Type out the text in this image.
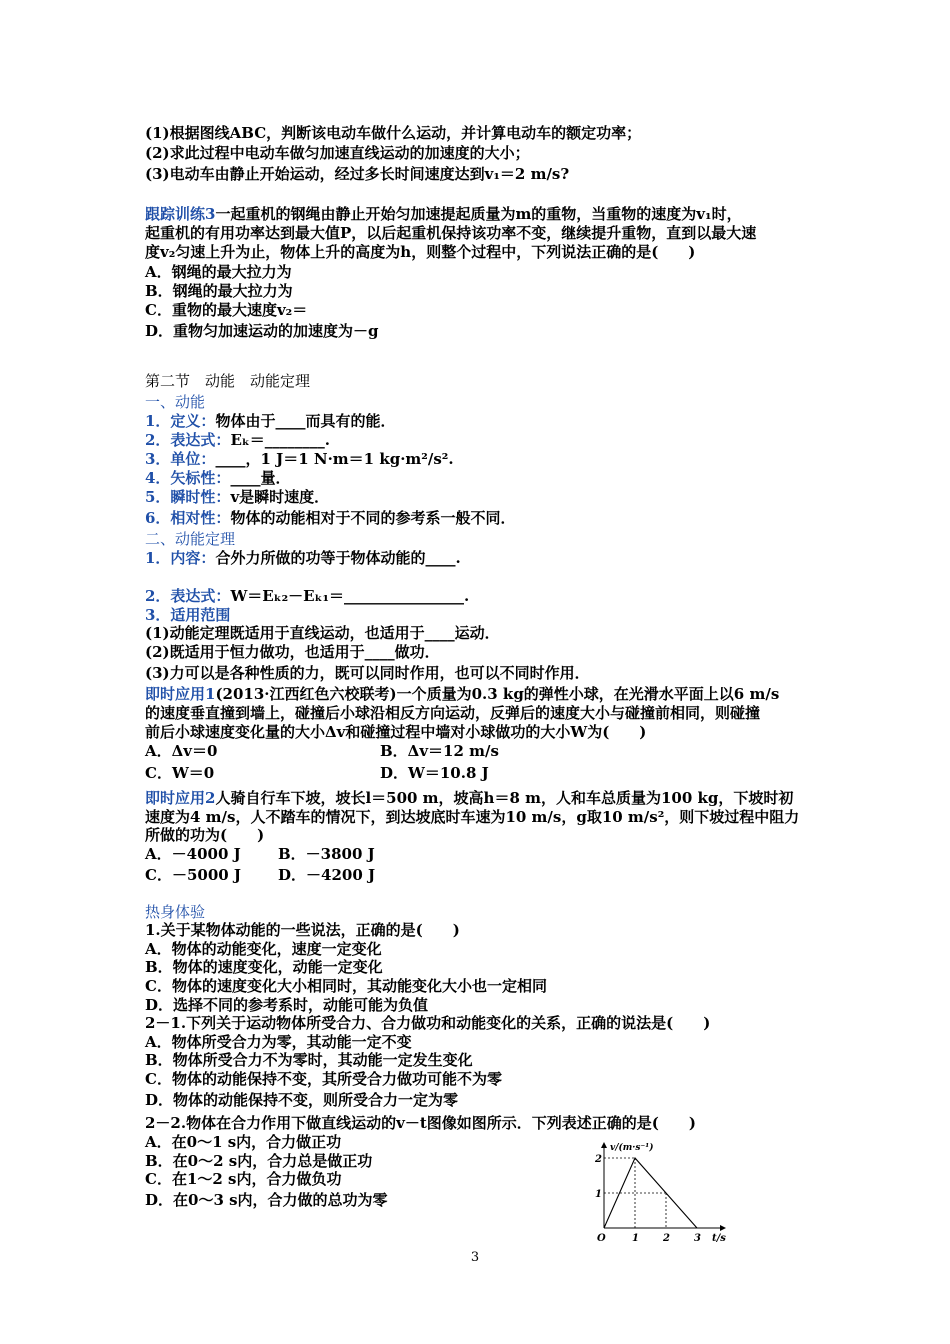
(1)根据图线ABC，判断该电动车做什么运动，并计算电动车的额定功率；
(2)求此过程中电动车做匀加速直线运动的加速度的大小；
(3)电动车由静止开始运动，经过多长时间速度达到v₁＝2 m/s?
跟踪训练3一起重机的钢绳由静止开始匀加速提起质量为m的重物，当重物的速度为v₁时，
起重机的有用功率达到最大值P，以后起重机保持该功率不变，继续提升重物，直到以最大速
度v₂匀速上升为止，物体上升的高度为h，则整个过程中，下列说法正确的是(　　)
A．钢绳的最大拉力为
B．钢绳的最大拉力为
C．重物的最大速度v₂＝
D．重物匀加速运动的加速度为－g
第二节　动能　动能定理
一、动能
1．定义：物体由于____而具有的能．
2．表达式：Eₖ＝________.
3．单位：____，1 J＝1 N·m＝1 kg·m²/s².
4．矢标性：____量．
5．瞬时性：v是瞬时速度．
6．相对性：物体的动能相对于不同的参考系一般不同．
二、动能定理
1．内容：合外力所做的功等于物体动能的____.
2．表达式：W＝Eₖ₂－Eₖ₁＝________________.
3．适用范围
(1)动能定理既适用于直线运动，也适用于____运动．
(2)既适用于恒力做功，也适用于____做功．
(3)力可以是各种性质的力，既可以同时作用，也可以不同时作用．
即时应用1(2013·江西红色六校联考)一个质量为0.3 kg的弹性小球，在光滑水平面上以6 m/s
的速度垂直撞到墙上，碰撞后小球沿相反方向运动，反弹后的速度大小与碰撞前相同，则碰撞
前后小球速度变化量的大小Δv和碰撞过程中墙对小球做功的大小W为(　　)
A．Δv＝0	B．Δv＝12 m/s
C．W＝0	D．W＝10.8 J
即时应用2人骑自行车下坡，坡长l＝500 m，坡高h＝8 m，人和车总质量为100 kg，下坡时初
速度为4 m/s，人不踏车的情况下，到达坡底时车速为10 m/s，g取10 m/s²，则下坡过程中阻力
所做的功为(　　)
A．－4000 J B．－3800 J
C．－5000 J D．－4200 J
热身体验
1.关于某物体动能的一些说法，正确的是(　　)
A．物体的动能变化，速度一定变化
B．物体的速度变化，动能一定变化
C．物体的速度变化大小相同时，其动能变化大小也一定相同
D．选择不同的参考系时，动能可能为负值
2－1.下列关于运动物体所受合力、合力做功和动能变化的关系，正确的说法是(　　)
A．物体所受合力为零，其动能一定不变
B．物体所受合力不为零时，其动能一定发生变化
C．物体的动能保持不变，其所受合力做功可能不为零
D．物体的动能保持不变，则所受合力一定为零
2－2.物体在合力作用下做直线运动的v－t图像如图所示．下列表述正确的是(　　)
A．在0～1 s内，合力做正功
B．在0～2 s内，合力总是做正功
C．在1～2 s内，合力做负功
D．在0～3 s内，合力做的总功为零
v/(m·s⁻¹)
t/s
O	1 2 3
1
2
3
